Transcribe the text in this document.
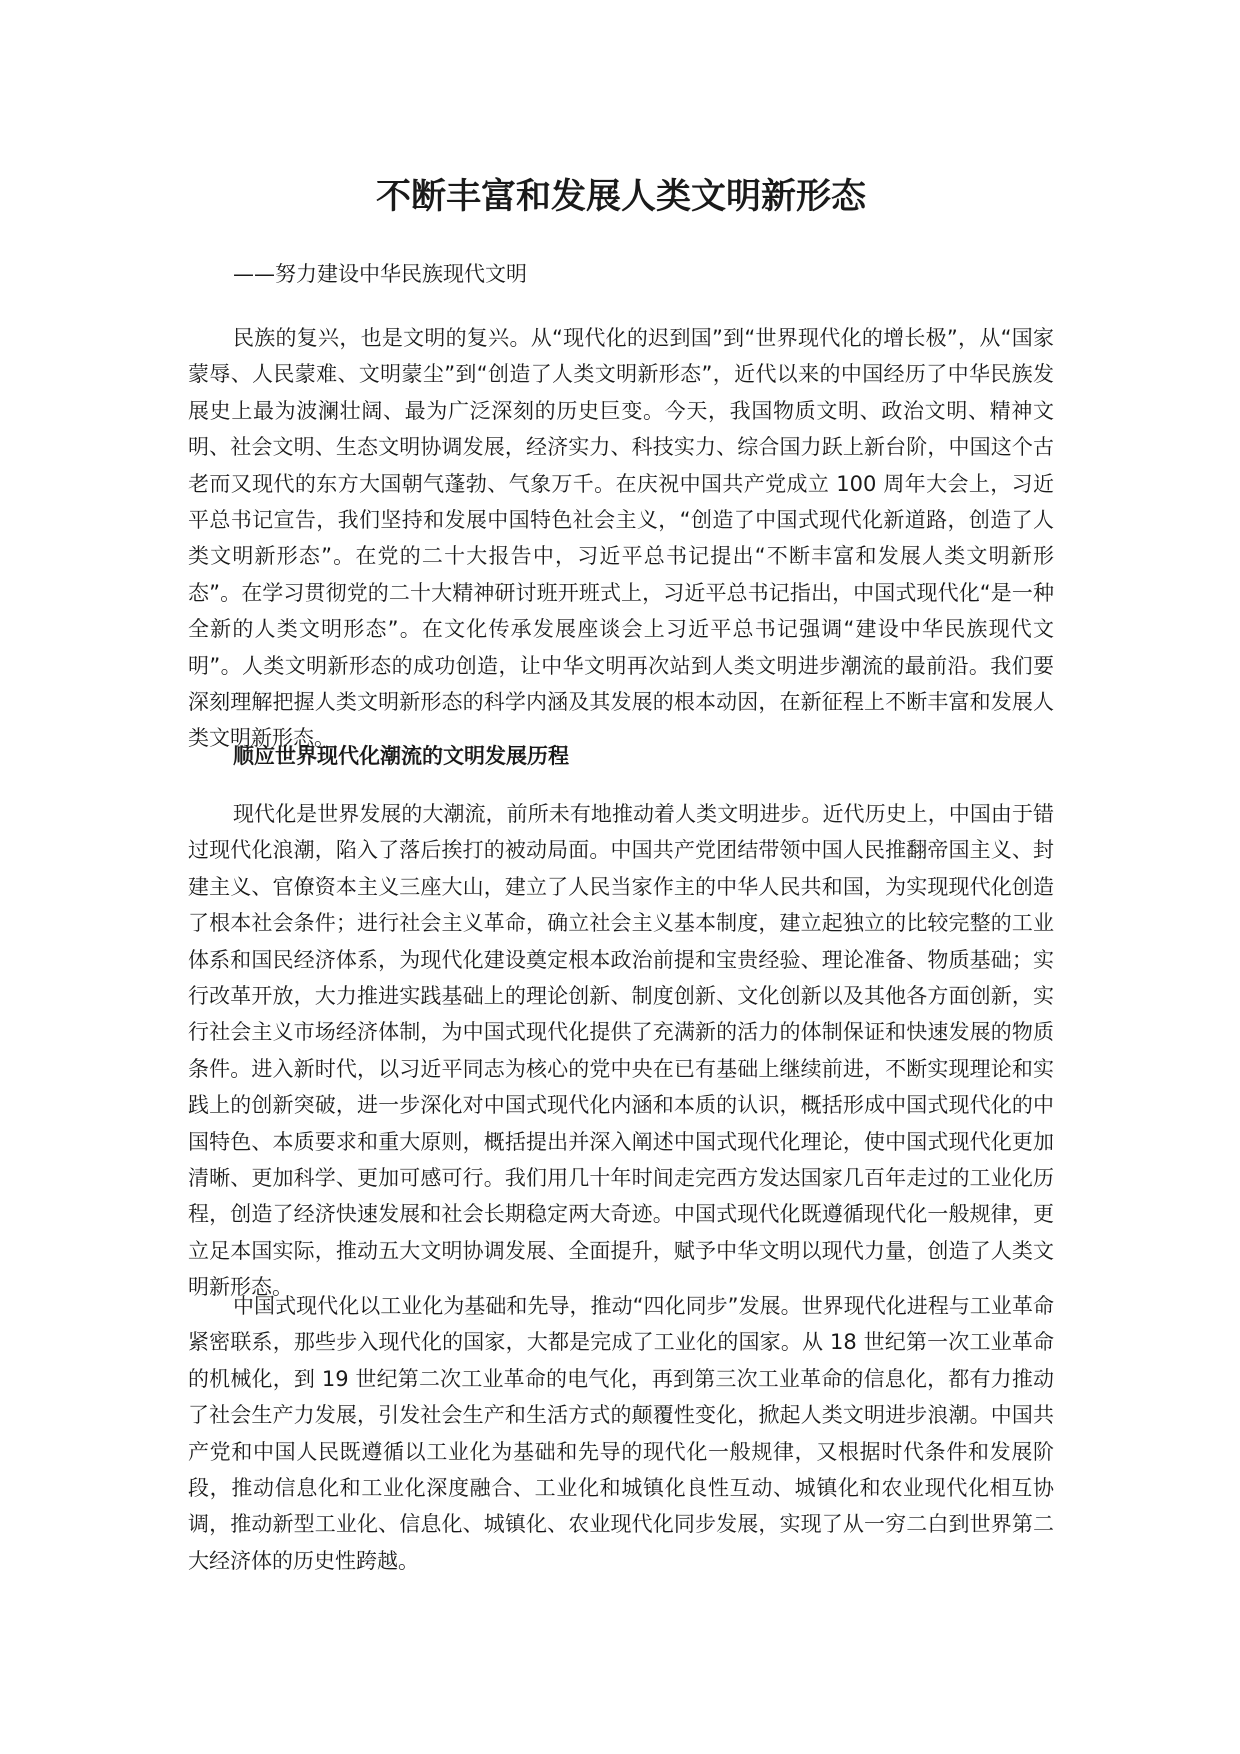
不断丰富和发展人类文明新形态
——努力建设中华民族现代文明

民族的复兴，也是文明的复兴。从“现代化的迟到国”到“世界现代化的增长极”，从“国家蒙辱、人民蒙难、文明蒙尘”到“创造了人类文明新形态”，近代以来的中国经历了中华民族发展史上最为波澜壮阔、最为广泛深刻的历史巨变。今天，我国物质文明、政治文明、精神文明、社会文明、生态文明协调发展，经济实力、科技实力、综合国力跃上新台阶，中国这个古老而又现代的东方大国朝气蓬勃、气象万千。在庆祝中国共产党成立 100 周年大会上，习近平总书记宣告，我们坚持和发展中国特色社会主义，“创造了中国式现代化新道路，创造了人类文明新形态”。在党的二十大报告中，习近平总书记提出“不断丰富和发展人类文明新形态”。在学习贯彻党的二十大精神研讨班开班式上，习近平总书记指出，中国式现代化“是一种全新的人类文明形态”。在文化传承发展座谈会上习近平总书记强调“建设中华民族现代文明”。人类文明新形态的成功创造，让中华文明再次站到人类文明进步潮流的最前沿。我们要深刻理解把握人类文明新形态的科学内涵及其发展的根本动因，在新征程上不断丰富和发展人类文明新形态。

顺应世界现代化潮流的文明发展历程

现代化是世界发展的大潮流，前所未有地推动着人类文明进步。近代历史上，中国由于错过现代化浪潮，陷入了落后挨打的被动局面。中国共产党团结带领中国人民推翻帝国主义、封建主义、官僚资本主义三座大山，建立了人民当家作主的中华人民共和国，为实现现代化创造了根本社会条件；进行社会主义革命，确立社会主义基本制度，建立起独立的比较完整的工业体系和国民经济体系，为现代化建设奠定根本政治前提和宝贵经验、理论准备、物质基础；实行改革开放，大力推进实践基础上的理论创新、制度创新、文化创新以及其他各方面创新，实行社会主义市场经济体制，为中国式现代化提供了充满新的活力的体制保证和快速发展的物质条件。进入新时代，以习近平同志为核心的党中央在已有基础上继续前进，不断实现理论和实践上的创新突破，进一步深化对中国式现代化内涵和本质的认识，概括形成中国式现代化的中国特色、本质要求和重大原则，概括提出并深入阐述中国式现代化理论，使中国式现代化更加清晰、更加科学、更加可感可行。我们用几十年时间走完西方发达国家几百年走过的工业化历程，创造了经济快速发展和社会长期稳定两大奇迹。中国式现代化既遵循现代化一般规律，更立足本国实际，推动五大文明协调发展、全面提升，赋予中华文明以现代力量，创造了人类文明新形态。

中国式现代化以工业化为基础和先导，推动“四化同步”发展。世界现代化进程与工业革命紧密联系，那些步入现代化的国家，大都是完成了工业化的国家。从 18 世纪第一次工业革命的机械化，到 19 世纪第二次工业革命的电气化，再到第三次工业革命的信息化，都有力推动了社会生产力发展，引发社会生产和生活方式的颠覆性变化，掀起人类文明进步浪潮。中国共产党和中国人民既遵循以工业化为基础和先导的现代化一般规律，又根据时代条件和发展阶段，推动信息化和工业化深度融合、工业化和城镇化良性互动、城镇化和农业现代化相互协调，推动新型工业化、信息化、城镇化、农业现代化同步发展，实现了从一穷二白到世界第二大经济体的历史性跨越。
